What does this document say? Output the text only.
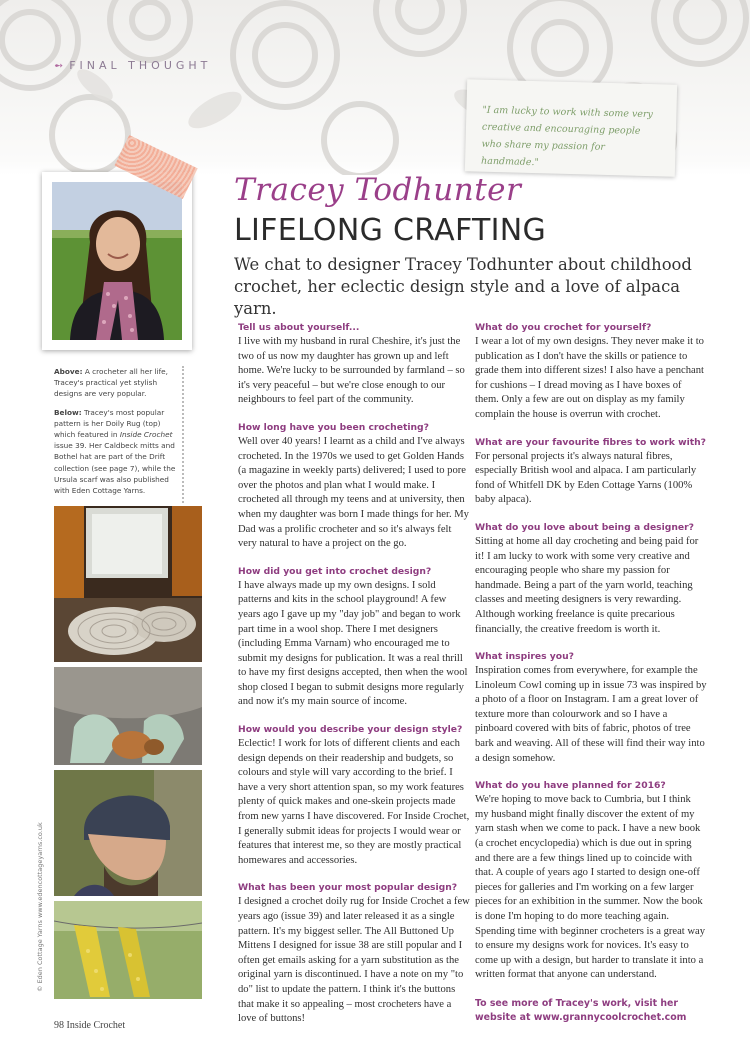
➻ FINAL THOUGHT

"I am lucky to work with some very creative and encouraging people who share my passion for handmade."

Above: A crocheter all her life, Tracey's practical yet stylish designs are very popular.

Below: Tracey's most popular pattern is her Doily Rug (top) which featured in Inside Crochet issue 39. Her Caldbeck mitts and Bothel hat are part of the Drift collection (see page 7), while the Ursula scarf was also published with Eden Cottage Yarns.

© Eden Cottage Yarns www.edencottageyarns.co.uk
Tracey Todhunter
LIFELONG CRAFTING

We chat to designer Tracey Todhunter about childhood crochet, her eclectic design style and a love of alpaca yarn.

Tell us about yourself...

I live with my husband in rural Cheshire, it's just the two of us now my daughter has grown up and left home. We're lucky to be surrounded by farmland – so it's very peaceful – but we're close enough to our neighbours to feel part of the community.

How long have you been crocheting?

Well over 40 years! I learnt as a child and I've always crocheted. In the 1970s we used to get Golden Hands (a magazine in weekly parts) delivered; I used to pore over the photos and plan what I would make. I crocheted all through my teens and at university, then when my daughter was born I made things for her. My Dad was a prolific crocheter and so it's always felt very natural to have a project on the go.

How did you get into crochet design?

I have always made up my own designs. I sold patterns and kits in the school playground! A few years ago I gave up my "day job" and began to work part time in a wool shop. There I met designers (including Emma Varnam) who encouraged me to submit my designs for publication. It was a real thrill to have my first designs accepted, then when the wool shop closed I began to submit designs more regularly and now it's my main source of income.

How would you describe your design style?

Eclectic! I work for lots of different clients and each design depends on their readership and budgets, so colours and style will vary according to the brief. I have a very short attention span, so my work features plenty of quick makes and one-skein projects made from new yarns I have discovered. For Inside Crochet, I generally submit ideas for projects I would wear or features that interest me, so they are mostly practical homewares and accessories.

What has been your most popular design?

I designed a crochet doily rug for Inside Crochet a few years ago (issue 39) and later released it as a single pattern. It's my biggest seller. The All Buttoned Up Mittens I designed for issue 38 are still popular and I often get emails asking for a yarn substitution as the original yarn is discontinued. I have a note on my "to do" list to update the pattern. I think it's the buttons that make it so appealing – most crocheters have a love of buttons!

What do you crochet for yourself?

I wear a lot of my own designs. They never make it to publication as I don't have the skills or patience to grade them into different sizes! I also have a penchant for cushions – I dread moving as I have boxes of them. Only a few are out on display as my family complain the house is overrun with crochet.

What are your favourite fibres to work with?

For personal projects it's always natural fibres, especially British wool and alpaca. I am particularly fond of Whitfell DK by Eden Cottage Yarns (100% baby alpaca).

What do you love about being a designer?

Sitting at home all day crocheting and being paid for it! I am lucky to work with some very creative and encouraging people who share my passion for handmade. Being a part of the yarn world, teaching classes and meeting designers is very rewarding. Although working freelance is quite precarious financially, the creative freedom is worth it.

What inspires you?

Inspiration comes from everywhere, for example the Linoleum Cowl coming up in issue 73 was inspired by a photo of a floor on Instagram. I am a great lover of texture more than colourwork and so I have a pinboard covered with bits of fabric, photos of tree bark and weaving. All of these will find their way into a design somehow.

What do you have planned for 2016?

We're hoping to move back to Cumbria, but I think my husband might finally discover the extent of my yarn stash when we come to pack. I have a new book (a crochet encyclopedia) which is due out in spring and there are a few things lined up to coincide with that. A couple of years ago I started to design one-off pieces for galleries and I'm working on a few larger pieces for an exhibition in the summer. Now the book is done I'm hoping to do more teaching again. Spending time with beginner crocheters is a great way to ensure my designs work for novices. It's easy to come up with a design, but harder to translate it into a written format that anyone can understand.

To see more of Tracey's work, visit her website at www.grannycoolcrochet.com

98 Inside Crochet
